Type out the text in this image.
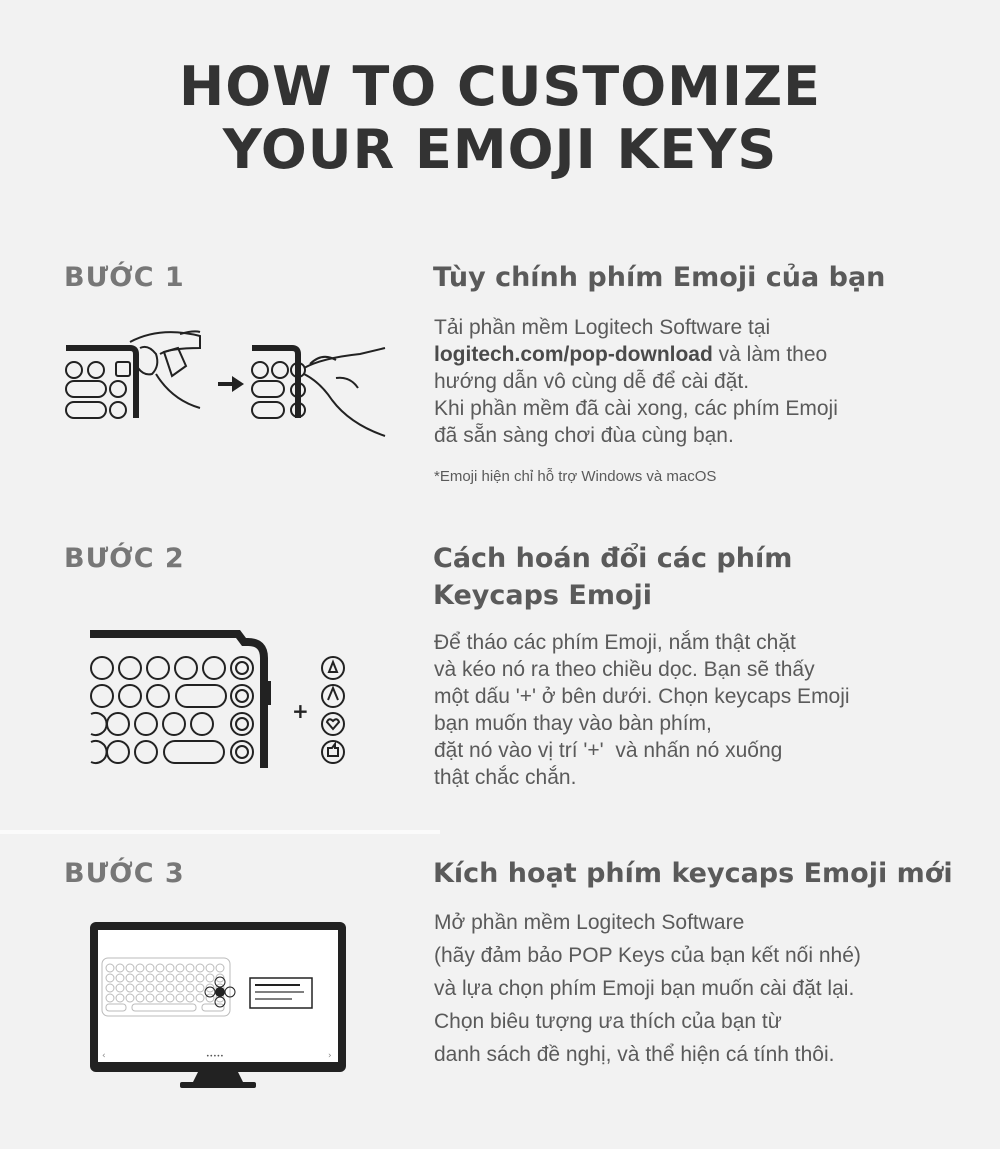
HOW TO CUSTOMIZE
YOUR EMOJI KEYS
BƯỚC 1	Tùy chính phím Emoji của bạn
Tải phần mềm Logitech Software tại
logitech.com/pop-download và làm theo
hướng dẫn vô cùng dễ để cài đặt.
Khi phần mềm đã cài xong, các phím Emoji
đã sẵn sàng chơi đùa cùng bạn.
*Emoji hiện chỉ hỗ trợ Windows và macOS
BƯỚC 2	Cách hoán đổi các phím
Keycaps Emoji
Để tháo các phím Emoji, nắm thật chặt
và kéo nó ra theo chiều dọc. Bạn sẽ thấy
một dấu '+' ở bên dưới. Chọn keycaps Emoji
bạn muốn thay vào bàn phím,
đặt nó vào vị trí '+'  và nhấn nó xuống
thật chắc chắn.
+
BƯỚC 3	Kích hoạt phím keycaps Emoji mới
Mở phần mềm Logitech Software
(hãy đảm bảo POP Keys của bạn kết nối nhé)
và lựa chọn phím Emoji bạn muốn cài đặt lại.
Chọn biêu tượng ưa thích của bạn từ
danh sách đề nghị, và thể hiện cá tính thôi.
‹	›
•••••
